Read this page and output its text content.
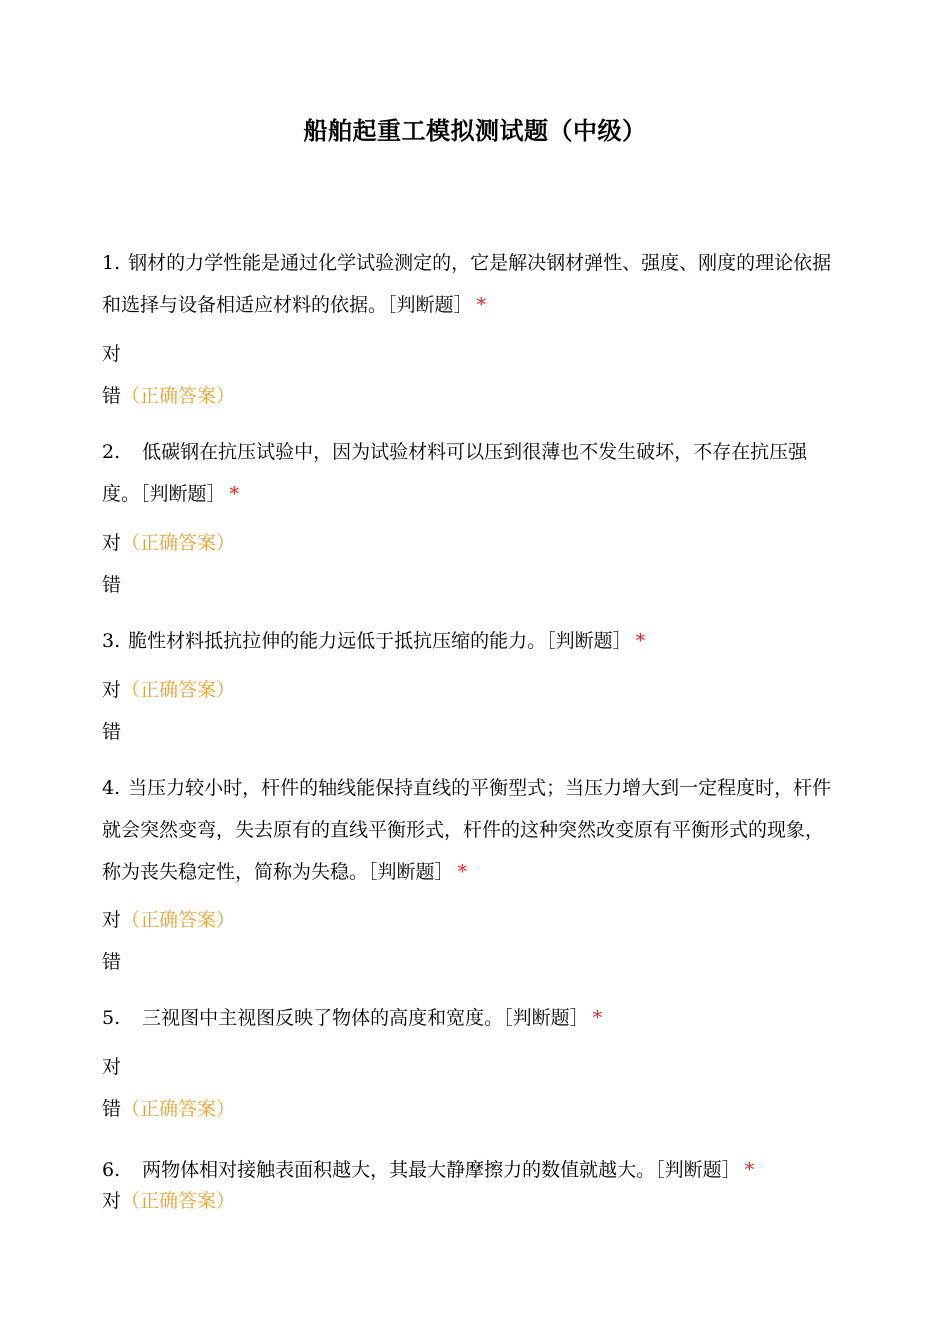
船舶起重工模拟测试题（中级）

1. 钢材的力学性能是通过化学试验测定的，它是解决钢材弹性、强度、刚度的理论依据和选择与设备相适应材料的依据。［判断题］ *

对
错（正确答案）

2. 低碳钢在抗压试验中，因为试验材料可以压到很薄也不发生破坏，不存在抗压强度。［判断题］ *

对（正确答案）
错

3. 脆性材料抵抗拉伸的能力远低于抵抗压缩的能力。［判断题］ *

对（正确答案）
错

4. 当压力较小时，杆件的轴线能保持直线的平衡型式；当压力增大到一定程度时，杆件就会突然变弯，失去原有的直线平衡形式，杆件的这种突然改变原有平衡形式的现象，称为丧失稳定性，简称为失稳。［判断题］ *

对（正确答案）
错

5. 三视图中主视图反映了物体的高度和宽度。［判断题］ *

对
错（正确答案）

6. 两物体相对接触表面积越大，其最大静摩擦力的数值就越大。［判断题］ *

对（正确答案）
